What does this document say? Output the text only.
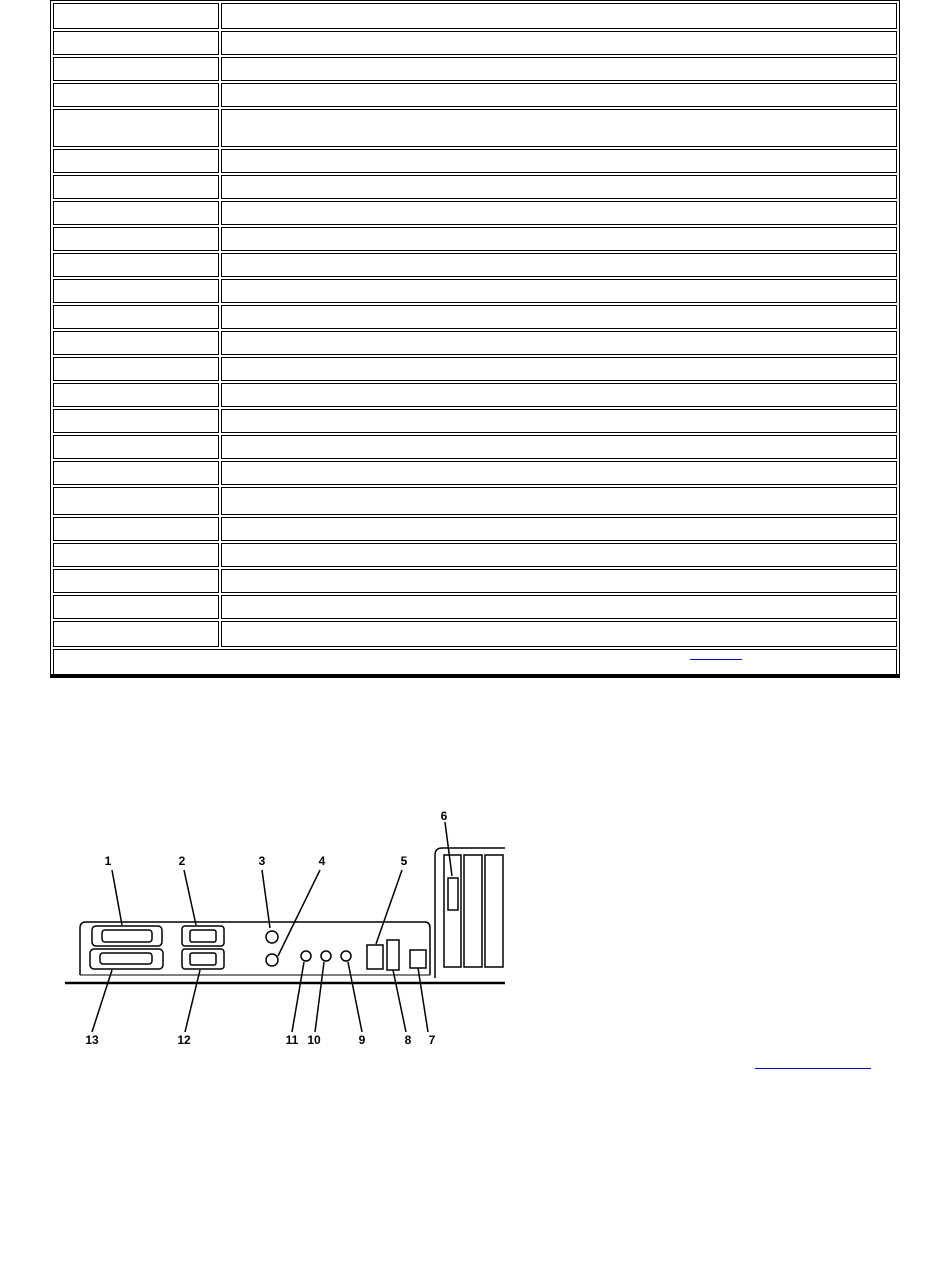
1	2	3	4	5
6
7
8
9
10
11
12
13
